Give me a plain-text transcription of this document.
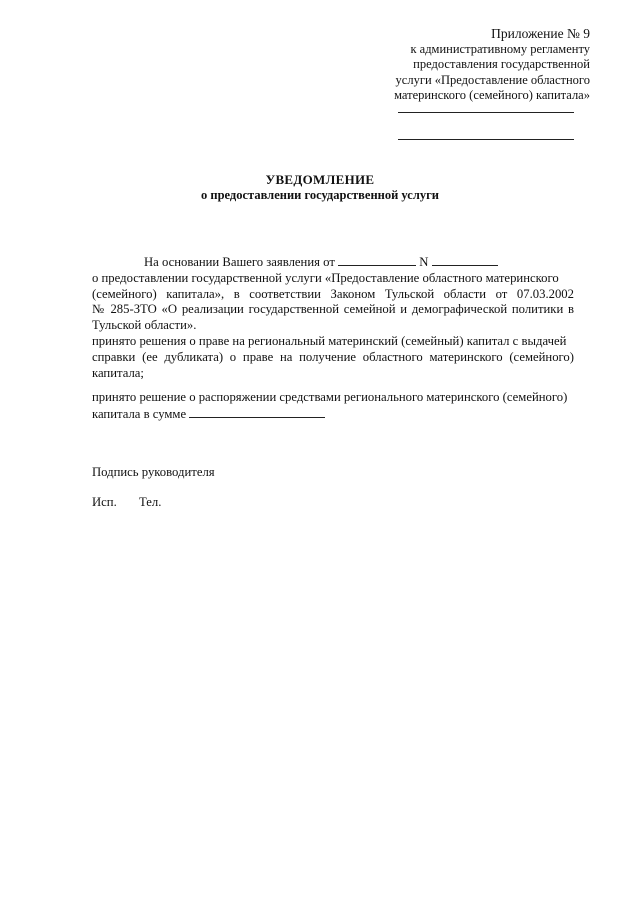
Приложение № 9
к административному регламенту
предоставления государственной
услуги «Предоставление областного
материнского (семейного) капитала»
УВЕДОМЛЕНИЕ
о предоставлении государственной услуги
На основании Вашего заявления от	N
о предоставлении государственной услуги «Предоставление областного материнского
(семейного) капитала», в соответствии Законом Тульской области от 07.03.2002
№ 285-ЗТО «О реализации государственной семейной и демографической политики в
Тульской области».
принято решения о праве на региональный материнский (семейный) капитал с выдачей
справки (ее дубликата) о праве на получение областного материнского (семейного)
капитала;
принято решение о распоряжении средствами регионального материнского (семейного)
капитала в сумме
Подпись руководителя
Исп. Тел.
